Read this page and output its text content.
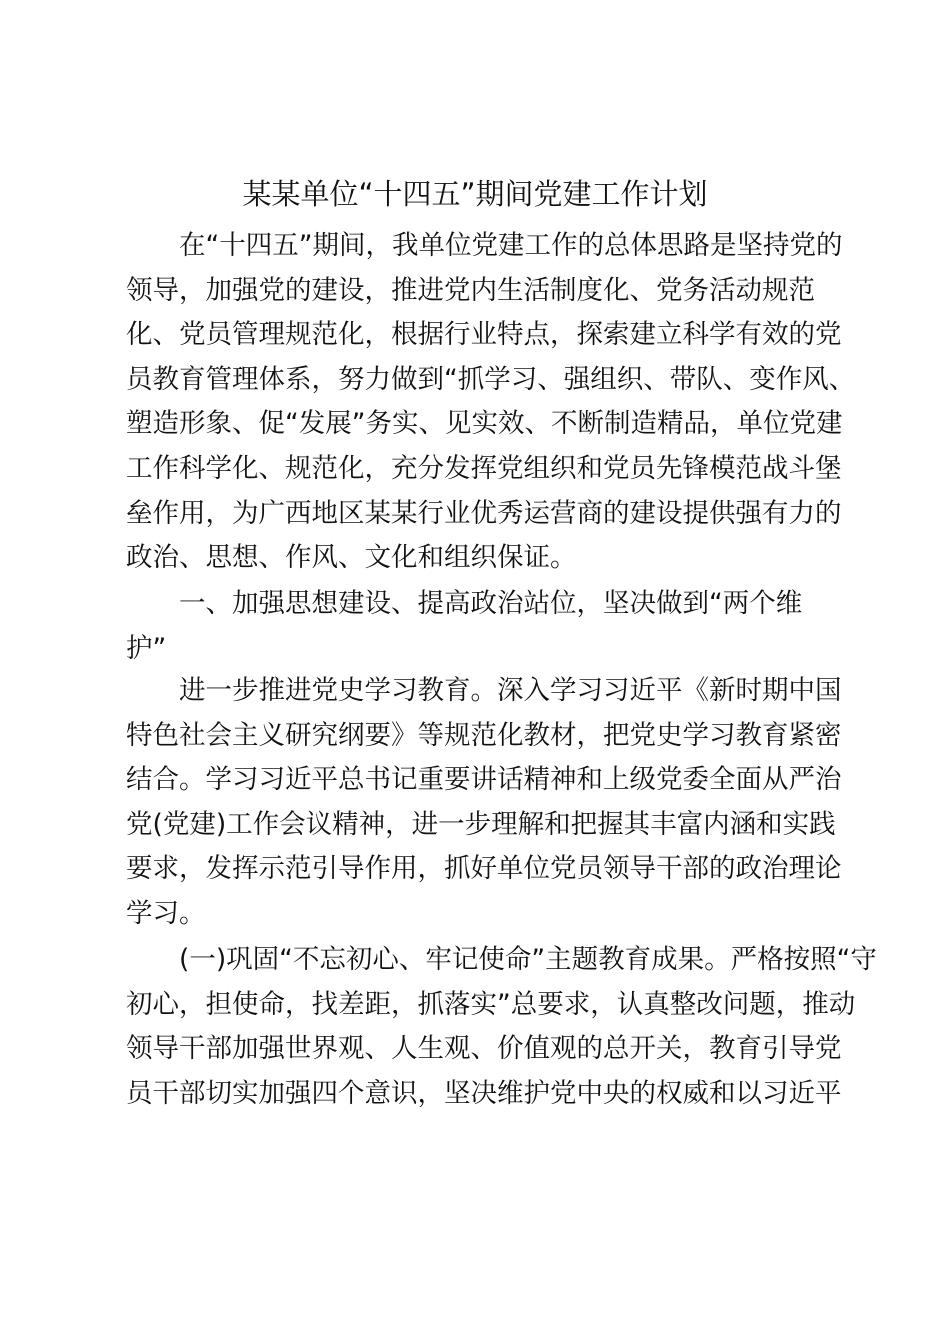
某某单位“十四五”期间党建工作计划
在“十四五”期间，我单位党建工作的总体思路是坚持党的
领导，加强党的建设，推进党内生活制度化、党务活动规范
化、党员管理规范化，根据行业特点，探索建立科学有效的党
员教育管理体系，努力做到“抓学习、强组织、带队、变作风、
塑造形象、促“发展”务实、见实效、不断制造精品，单位党建
工作科学化、规范化，充分发挥党组织和党员先锋模范战斗堡
垒作用，为广西地区某某行业优秀运营商的建设提供强有力的
政治、思想、作风、文化和组织保证。
一、加强思想建设、提高政治站位，坚决做到“两个维
护”
进一步推进党史学习教育。深入学习习近平《新时期中国
特色社会主义研究纲要》等规范化教材，把党史学习教育紧密
结合。学习习近平总书记重要讲话精神和上级党委全面从严治
党(党建)工作会议精神，进一步理解和把握其丰富内涵和实践
要求，发挥示范引导作用，抓好单位党员领导干部的政治理论
学习。
(一)巩固“不忘初心、牢记使命”主题教育成果。严格按照“守
初心，担使命，找差距，抓落实”总要求，认真整改问题，推动
领导干部加强世界观、人生观、价值观的总开关，教育引导党
员干部切实加强四个意识，坚决维护党中央的权威和以习近平
